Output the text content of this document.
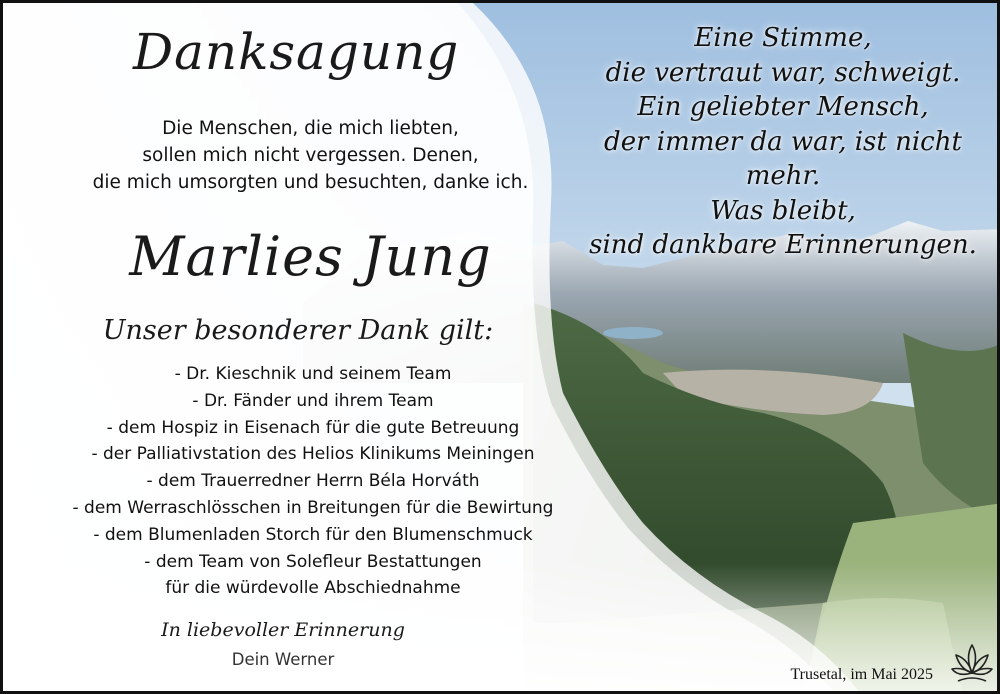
Danksagung
Die Menschen, die mich liebten,
sollen mich nicht vergessen. Denen,
die mich umsorgten und besuchten, danke ich.
Marlies Jung
Unser besonderer Dank gilt:
- Dr. Kieschnik und seinem Team
- Dr. Fänder und ihrem Team
- dem Hospiz in Eisenach für die gute Betreuung
- der Palliativstation des Helios Klinikums Meiningen
- dem Trauerredner Herrn Béla Horváth
- dem Werraschlösschen in Breitungen für die Bewirtung
- dem Blumenladen Storch für den Blumenschmuck
- dem Team von Solefleur Bestattungen
für die würdevolle Abschiednahme
In liebevoller Erinnerung
Dein Werner
Eine Stimme,
die vertraut war, schweigt.
Ein geliebter Mensch,
der immer da war, ist nicht mehr.
Was bleibt,
sind dankbare Erinnerungen.
Trusetal, im Mai 2025
